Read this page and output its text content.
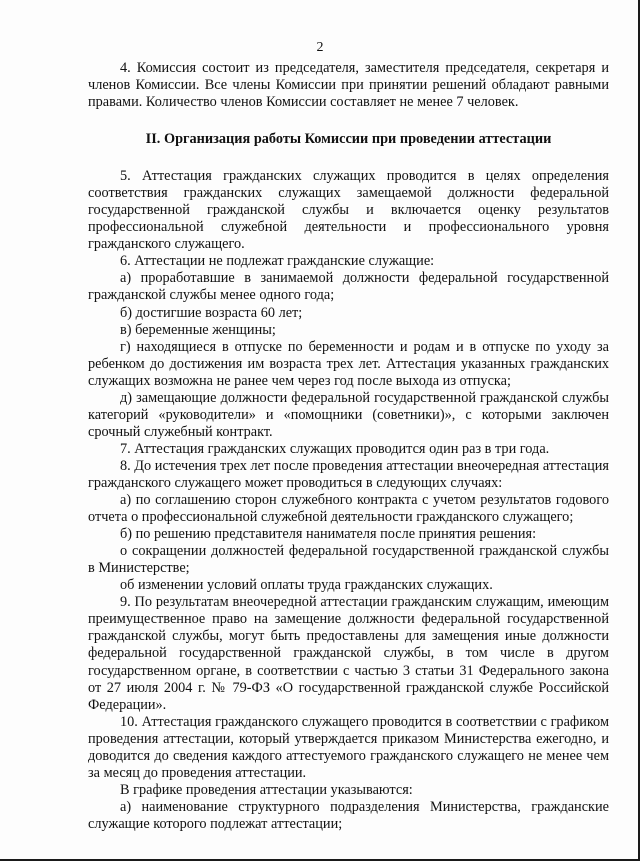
2

4. Комиссия состоит из председателя, заместителя председателя, секретаря и членов Комиссии. Все члены Комиссии при принятии решений обладают равными правами. Количество членов Комиссии составляет не менее 7 человек.

II. Организация работы Комиссии при проведении аттестации

5. Аттестация гражданских служащих проводится в целях определения соответствия гражданских служащих замещаемой должности федеральной государственной гражданской службы и включается оценку результатов профессиональной служебной деятельности и профессионального уровня гражданского служащего.

6. Аттестации не подлежат гражданские служащие:

а) проработавшие в занимаемой должности федеральной государственной гражданской службы менее одного года;

б) достигшие возраста 60 лет;

в) беременные женщины;

г) находящиеся в отпуске по беременности и родам и в отпуске по уходу за ребенком до достижения им возраста трех лет. Аттестация указанных гражданских служащих возможна не ранее чем через год после выхода из отпуска;

д) замещающие должности федеральной государственной гражданской службы категорий «руководители» и «помощники (советники)», с которыми заключен срочный служебный контракт.

7. Аттестация гражданских служащих проводится один раз в три года.

8. До истечения трех лет после проведения аттестации внеочередная аттестация гражданского служащего может проводиться в следующих случаях:

а) по соглашению сторон служебного контракта с учетом результатов годового отчета о профессиональной служебной деятельности гражданского служащего;

б) по решению представителя нанимателя после принятия решения:

о сокращении должностей федеральной государственной гражданской службы в Министерстве;

об изменении условий оплаты труда гражданских служащих.

9. По результатам внеочередной аттестации гражданским служащим, имеющим преимущественное право на замещение должности федеральной государственной гражданской службы, могут быть предоставлены для замещения иные должности федеральной государственной гражданской службы, в том числе в другом государственном органе, в соответствии с частью 3 статьи 31 Федерального закона от 27 июля 2004 г. № 79-ФЗ «О государственной гражданской службе Российской Федерации».

10. Аттестация гражданского служащего проводится в соответствии с графиком проведения аттестации, который утверждается приказом Министерства ежегодно, и доводится до сведения каждого аттестуемого гражданского служащего не менее чем за месяц до проведения аттестации.

В графике проведения аттестации указываются:

а) наименование структурного подразделения Министерства, гражданские служащие которого подлежат аттестации;
